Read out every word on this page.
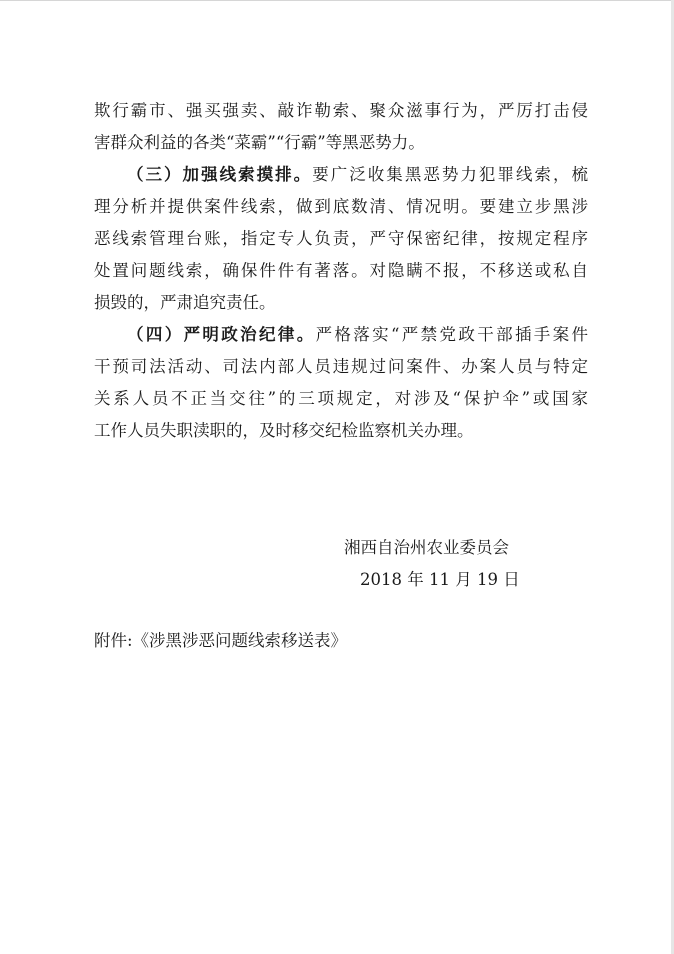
欺行霸市、强买强卖、敲诈勒索、聚众滋事行为，严厉打击侵
害群众利益的各类“菜霸”“行霸”等黑恶势力。
（三）加强线索摸排。要广泛收集黑恶势力犯罪线索，梳
理分析并提供案件线索，做到底数清、情况明。要建立步黑涉
恶线索管理台账，指定专人负责，严守保密纪律，按规定程序
处置问题线索，确保件件有著落。对隐瞒不报，不移送或私自
损毁的，严肃追究责任。
（四）严明政治纪律。严格落实“严禁党政干部插手案件
干预司法活动、司法内部人员违规过问案件、办案人员与特定
关系人员不正当交往”的三项规定，对涉及“保护伞”或国家
工作人员失职渎职的，及时移交纪检监察机关办理。
湘西自治州农业委员会
2018 年 11 月 19 日
附件:《涉黑涉恶问题线索移送表》
